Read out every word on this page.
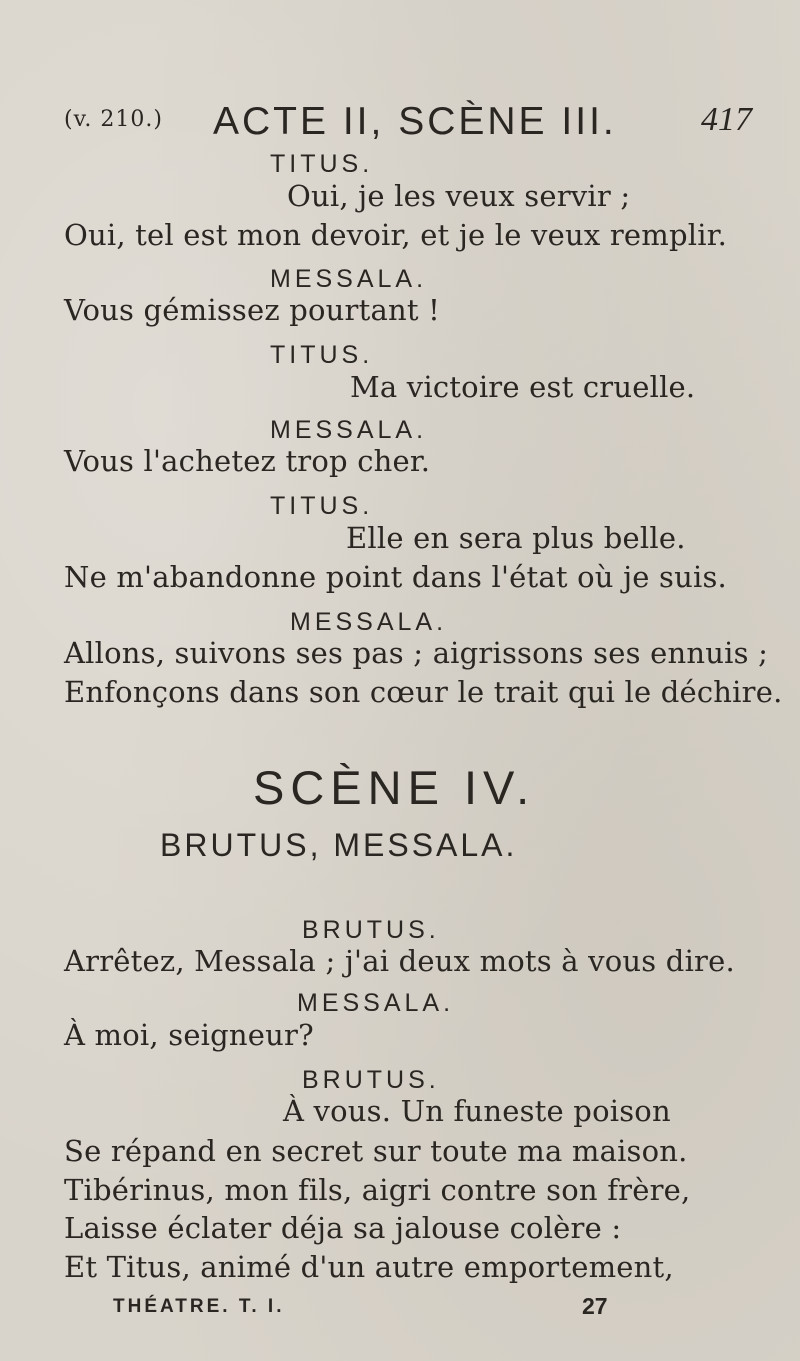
(v. 210.) ACTE II, SCÈNE III. 417
TITUS.
Oui, je les veux servir ;
Oui, tel est mon devoir, et je le veux remplir.
MESSALA.
Vous gémissez pourtant !
TITUS.
Ma victoire est cruelle.
MESSALA.
Vous l'achetez trop cher.
TITUS.
Elle en sera plus belle.
Ne m'abandonne point dans l'état où je suis.
MESSALA.
Allons, suivons ses pas ; aigrissons ses ennuis ;
Enfonçons dans son cœur le trait qui le déchire.
SCÈNE IV.
BRUTUS, MESSALA.
BRUTUS.
Arrêtez, Messala ; j'ai deux mots à vous dire.
MESSALA.
À moi, seigneur?
BRUTUS.
À vous. Un funeste poison
Se répand en secret sur toute ma maison.
Tibérinus, mon fils, aigri contre son frère,
Laisse éclater déja sa jalouse colère :
Et Titus, animé d'un autre emportement,
THÉATRE. T. I.	27
